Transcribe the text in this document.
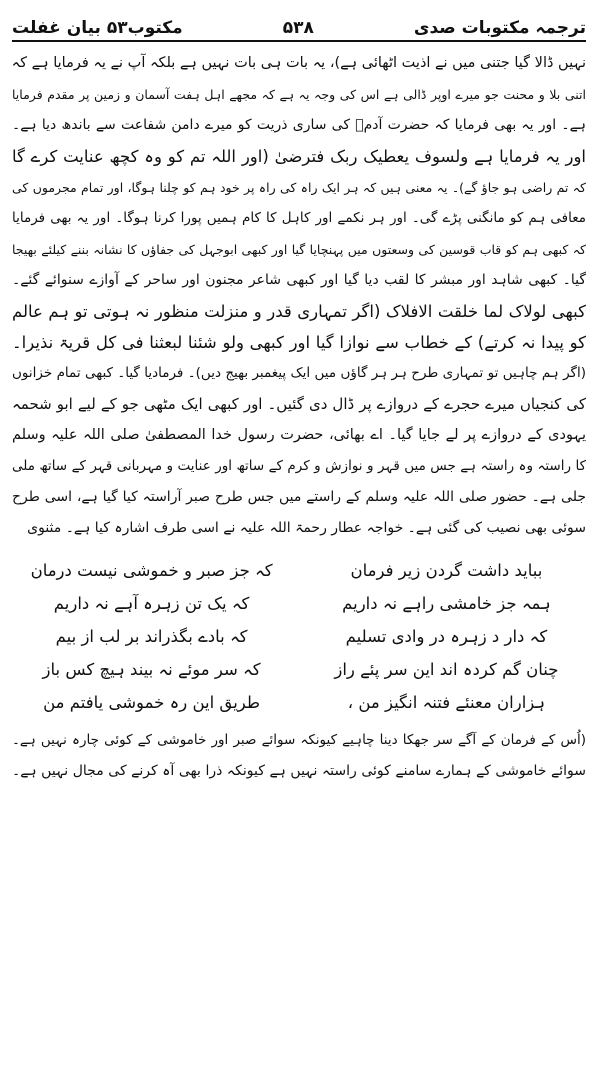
ترجمہ مکتوبات صدی
۵۳۸
مکتوب۵۳ بیان غفلت
نہیں ڈالا گیا جتنی میں نے اذیت اٹھائی ہے)، یہ بات ہی بات نہیں ہے بلکہ آپ نے یہ فرمایا ہے کہ
اتنی بلا و محنت جو میرے اوپر ڈالی ہے اس کی وجہ یہ ہے کہ مجھے اہل ہفت آسمان و زمین پر مقدم فرمایا
ہے۔ اور یہ بھی فرمایا کہ حضرت آدمؑ کی ساری ذریت کو میرے دامن شفاعت سے باندھ دیا ہے۔
اور یہ فرمایا ہے ولسوف یعطیک ربک فترضیٰ (اور اللہ تم کو وہ کچھ عنایت کرے گا
کہ تم راضی ہو جاؤ گے)۔ یہ معنی ہیں کہ ہر ایک راہ کی راہ پر خود ہم کو چلنا ہوگا، اور تمام مجرموں کی
معافی ہم کو مانگنی پڑے گی۔ اور ہر نکمے اور کاہل کا کام ہمیں پورا کرنا ہوگا۔ اور یہ بھی فرمایا
کہ کبھی ہم کو قاب قوسین کی وسعتوں میں پہنچایا گیا اور کبھی ابوجہل کی جفاؤں کا نشانہ بننے کیلئے بھیجا
گیا۔ کبھی شاہد اور مبشر کا لقب دیا گیا اور کبھی شاعر مجنون اور ساحر کے آوازے سنوائے گئے۔
کبھی لولاک لما خلقت الافلاک (اگر تمہاری قدر و منزلت منظور نہ ہوتی تو ہم عالم
کو پیدا نہ کرتے) کے خطاب سے نوازا گیا اور کبھی ولو شئنا لبعثنا فی کل قریۃ نذیرا۔
(اگر ہم چاہیں تو تمہاری طرح ہر ہر گاؤں میں ایک پیغمبر بھیج دیں)۔ فرمادیا گیا۔ کبھی تمام خزانوں
کی کنجیاں میرے حجرے کے دروازے پر ڈال دی گئیں۔ اور کبھی ایک مٹھی جو کے لیے ابو شحمہ
یہودی کے دروازے پر لے جایا گیا۔ اے بھائی، حضرت رسول خدا المصطفیٰ صلی اللہ علیہ وسلم
کا راستہ وہ راستہ ہے جس میں قہر و نوازش و کرم کے ساتھ اور عنایت و مہربانی قہر کے ساتھ ملی
جلی ہے۔ حضور صلی اللہ علیہ وسلم کے راستے میں جس طرح صبر آراستہ کیا گیا ہے، اسی طرح
سوئی بھی نصیب کی گئی ہے۔ خواجہ عطار رحمۃ اللہ علیہ نے اسی طرف اشارہ کیا ہے۔ مثنوی
بباید داشت گردن زیر فرمان
کہ جز صبر و خموشی نیست درمان
ہمہ جز خامشی راہے نہ داریم
کہ یک تن زہرہ آہے نہ داریم
کہ دار د زہرہ در وادی تسلیم
کہ بادے بگذراند بر لب از بیم
چنان گم کردہ اند این سر پئے راز
کہ سر موئے نہ بیند ہیچ کس باز
ہزاران معنئے فتنہ انگیز من ،
طریق این رہ خموشی یافتم من
(اُس کے فرمان کے آگے سر جھکا دینا چاہیے کیونکہ سوائے صبر اور خاموشی کے کوئی چارہ نہیں ہے۔
سوائے خاموشی کے ہمارے سامنے کوئی راستہ نہیں ہے کیونکہ ذرا بھی آہ کرنے کی مجال نہیں ہے۔
